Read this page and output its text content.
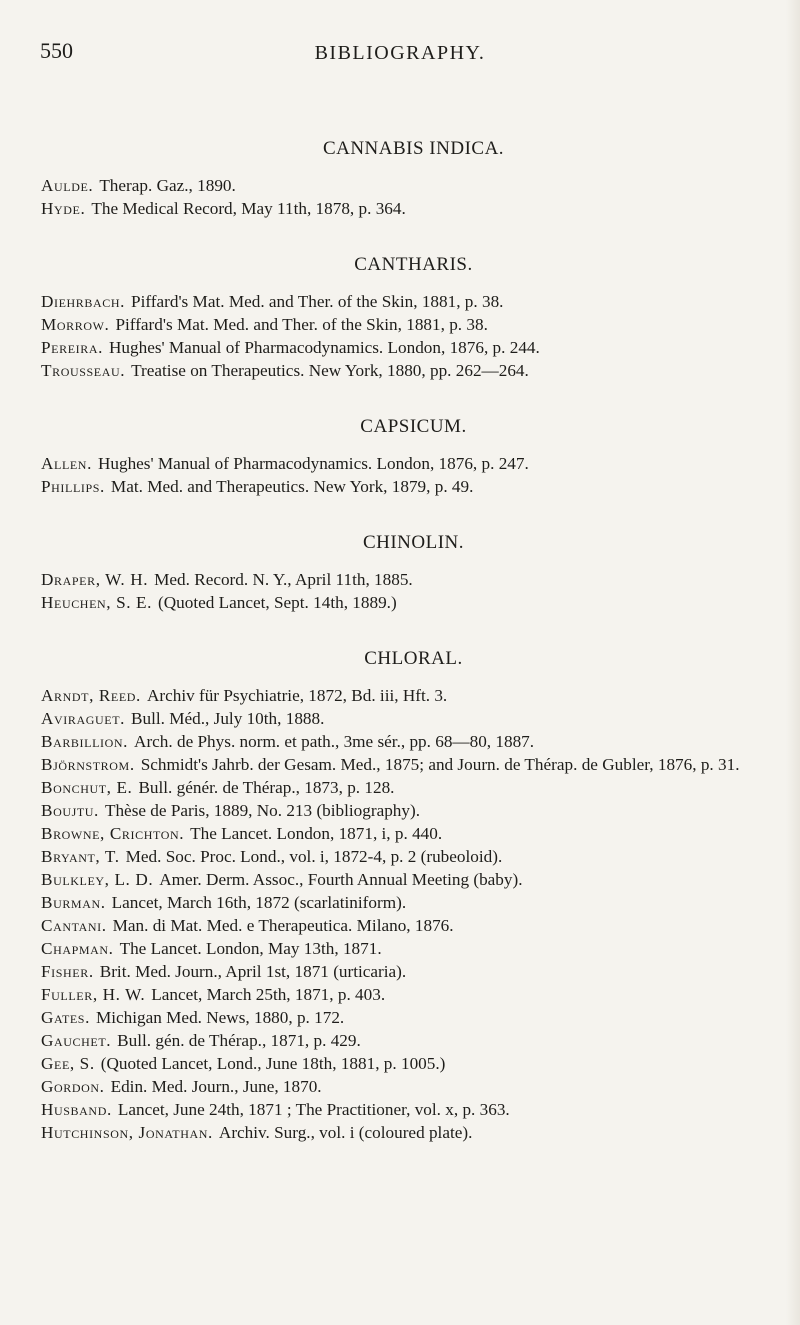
550	BIBLIOGRAPHY.
CANNABIS INDICA.

Aulde. Therap. Gaz., 1890.

Hyde. The Medical Record, May 11th, 1878, p. 364.

CANTHARIS.

Diehrbach. Piffard's Mat. Med. and Ther. of the Skin, 1881, p. 38.

Morrow. Piffard's Mat. Med. and Ther. of the Skin, 1881, p. 38.

Pereira. Hughes' Manual of Pharmacodynamics. London, 1876, p. 244.

Trousseau. Treatise on Therapeutics. New York, 1880, pp. 262—264.

CAPSICUM.

Allen. Hughes' Manual of Pharmacodynamics. London, 1876, p. 247.

Phillips. Mat. Med. and Therapeutics. New York, 1879, p. 49.

CHINOLIN.

Draper, W. H. Med. Record. N. Y., April 11th, 1885.

Heuchen, S. E. (Quoted Lancet, Sept. 14th, 1889.)

CHLORAL.

Arndt, Reed. Archiv für Psychiatrie, 1872, Bd. iii, Hft. 3.

Aviraguet. Bull. Méd., July 10th, 1888.

Barbillion. Arch. de Phys. norm. et path., 3me sér., pp. 68—80, 1887.

Björnstrom. Schmidt's Jahrb. der Gesam. Med., 1875; and Journ. de Thérap. de Gubler, 1876, p. 31.

Bonchut, E. Bull. génér. de Thérap., 1873, p. 128.

Boujtu. Thèse de Paris, 1889, No. 213 (bibliography).

Browne, Crichton. The Lancet. London, 1871, i, p. 440.

Bryant, T. Med. Soc. Proc. Lond., vol. i, 1872-4, p. 2 (rubeoloid).

Bulkley, L. D. Amer. Derm. Assoc., Fourth Annual Meeting (baby).

Burman. Lancet, March 16th, 1872 (scarlatiniform).

Cantani. Man. di Mat. Med. e Therapeutica. Milano, 1876.

Chapman. The Lancet. London, May 13th, 1871.

Fisher. Brit. Med. Journ., April 1st, 1871 (urticaria).

Fuller, H. W. Lancet, March 25th, 1871, p. 403.

Gates. Michigan Med. News, 1880, p. 172.

Gauchet. Bull. gén. de Thérap., 1871, p. 429.

Gee, S. (Quoted Lancet, Lond., June 18th, 1881, p. 1005.)

Gordon. Edin. Med. Journ., June, 1870.

Husband. Lancet, June 24th, 1871 ; The Practitioner, vol. x, p. 363.

Hutchinson, Jonathan. Archiv. Surg., vol. i (coloured plate).
